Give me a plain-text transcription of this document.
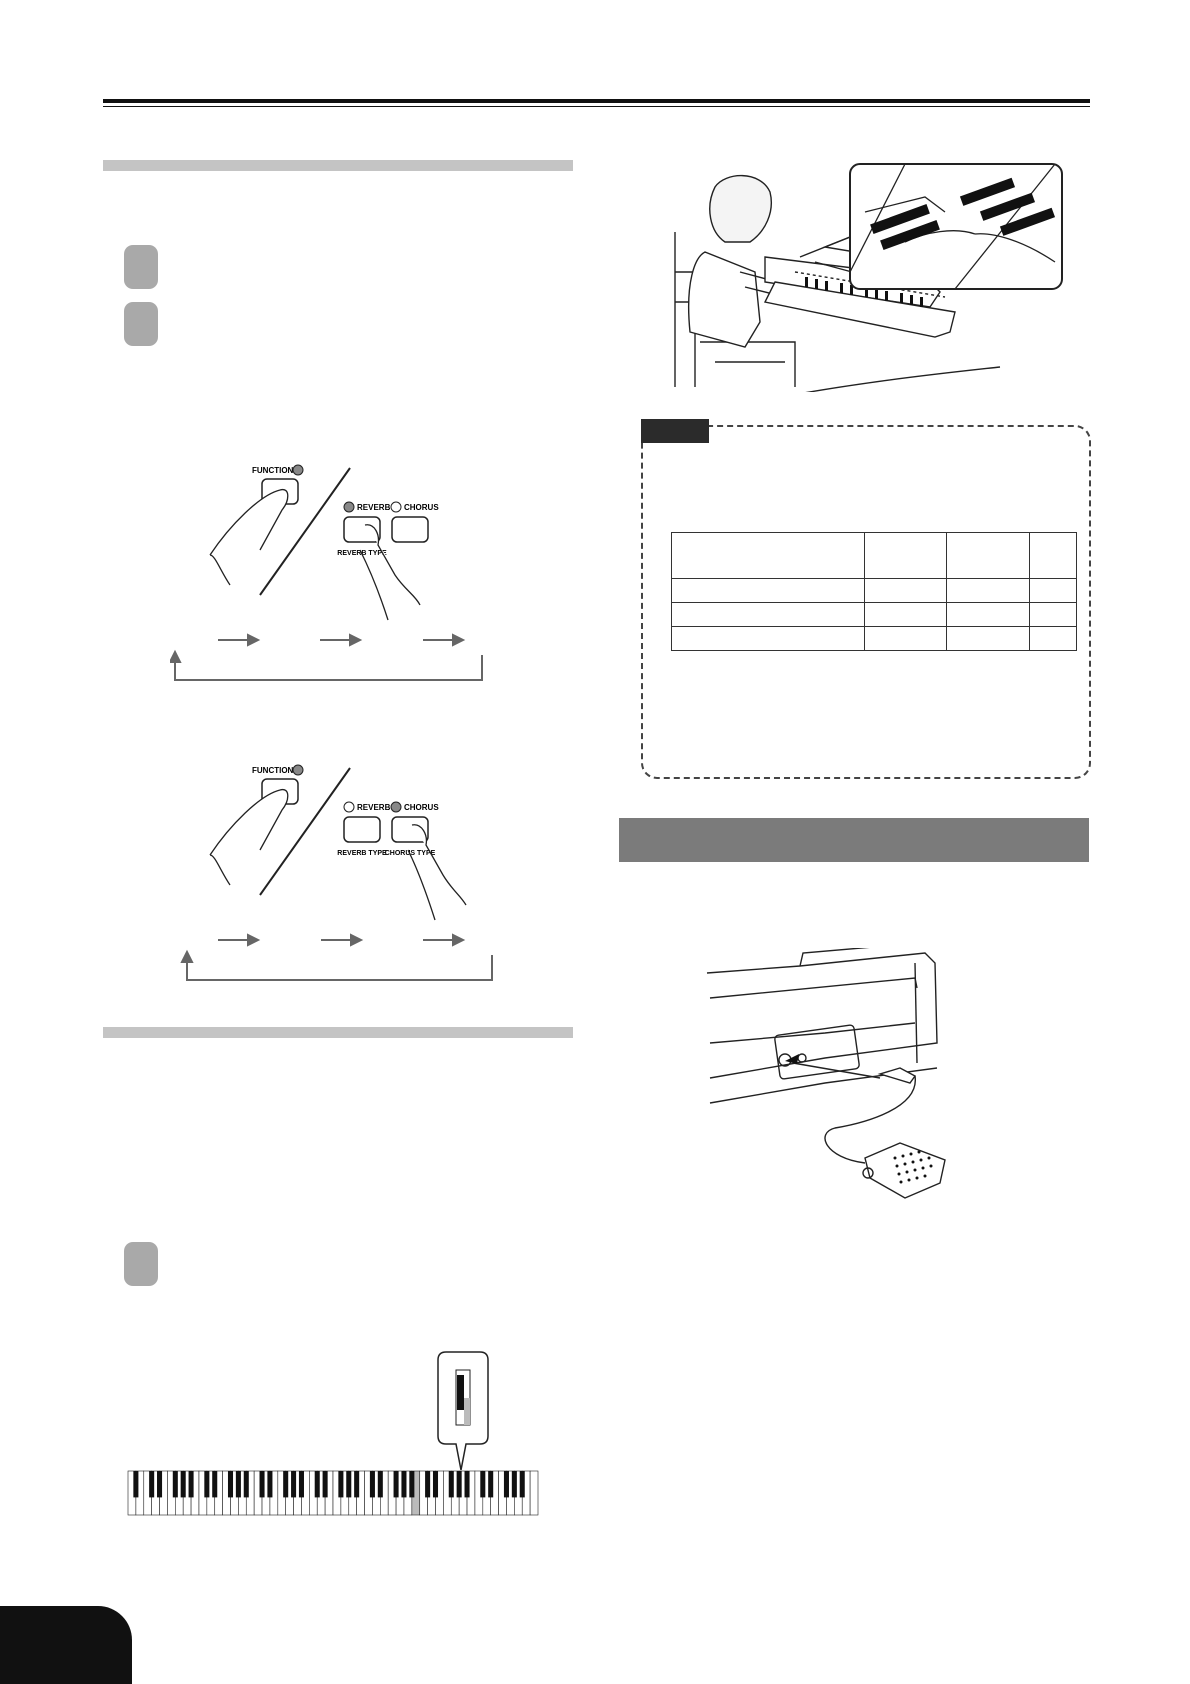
FUNCTION
REVERB CHORUS
REVERB TYPE
FUNCTION
REVERB CHORUS
REVERB TYPE
CHORUS TYPE
